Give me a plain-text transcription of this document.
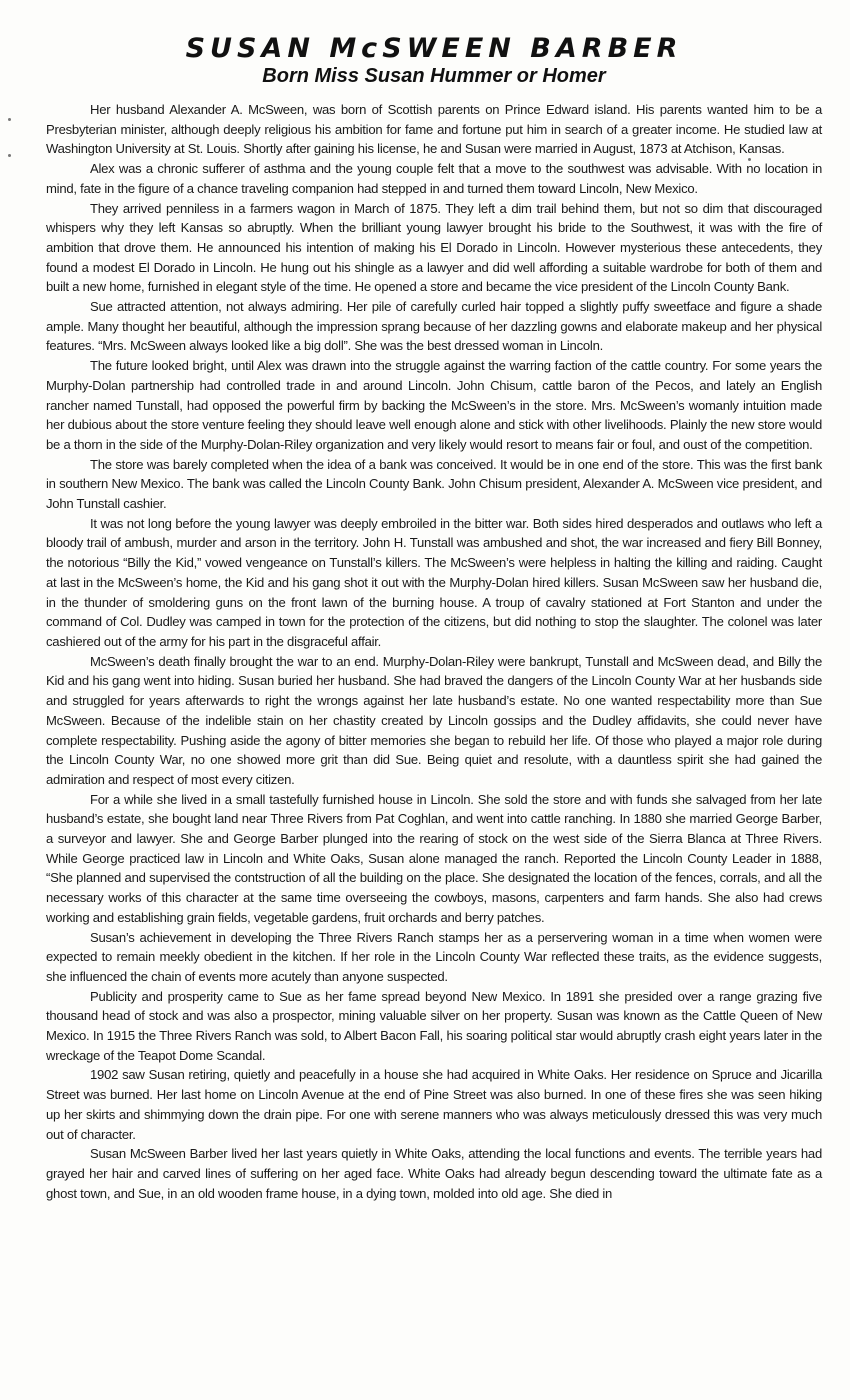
SUSAN McSWEEN BARBER
Born Miss Susan Hummer or Homer

Her husband Alexander A. McSween, was born of Scottish parents on Prince Edward island. His parents wanted him to be a Presbyterian minister, although deeply religious his ambition for fame and fortune put him in search of a greater income. He studied law at Washington University at St. Louis. Shortly after gaining his license, he and Susan were married in August, 1873 at Atchison, Kansas.

Alex was a chronic sufferer of asthma and the young couple felt that a move to the southwest was advisable. With no location in mind, fate in the figure of a chance traveling companion had stepped in and turned them toward Lincoln, New Mexico.

They arrived penniless in a farmers wagon in March of 1875. They left a dim trail behind them, but not so dim that discouraged whispers why they left Kansas so abruptly. When the brilliant young lawyer brought his bride to the Southwest, it was with the fire of ambition that drove them. He announced his intention of making his El Dorado in Lincoln. However mysterious these antecedents, they found a modest El Dorado in Lincoln. He hung out his shingle as a lawyer and did well affording a suitable wardrobe for both of them and built a new home, furnished in elegant style of the time. He opened a store and became the vice president of the Lincoln County Bank.

Sue attracted attention, not always admiring. Her pile of carefully curled hair topped a slightly puffy sweetface and figure a shade ample. Many thought her beautiful, although the impression sprang because of her dazzling gowns and elaborate makeup and her physical features. “Mrs. McSween always looked like a big doll”. She was the best dressed woman in Lincoln.

The future looked bright, until Alex was drawn into the struggle against the warring faction of the cattle country. For some years the Murphy-Dolan partnership had controlled trade in and around Lincoln. John Chisum, cattle baron of the Pecos, and lately an English rancher named Tunstall, had opposed the powerful firm by backing the McSween’s in the store. Mrs. McSween’s womanly intuition made her dubious about the store venture feeling they should leave well enough alone and stick with other livelihoods. Plainly the new store would be a thorn in the side of the Murphy-Dolan-Riley organization and very likely would resort to means fair or foul, and oust of the competition.

The store was barely completed when the idea of a bank was conceived. It would be in one end of the store. This was the first bank in southern New Mexico. The bank was called the Lincoln County Bank. John Chisum president, Alexander A. McSween vice president, and John Tunstall cashier.

It was not long before the young lawyer was deeply embroiled in the bitter war. Both sides hired desperados and outlaws who left a bloody trail of ambush, murder and arson in the territory. John H. Tunstall was ambushed and shot, the war increased and fiery Bill Bonney, the notorious “Billy the Kid,” vowed vengeance on Tunstall’s killers. The McSween’s were helpless in halting the killing and raiding. Caught at last in the McSween’s home, the Kid and his gang shot it out with the Murphy-Dolan hired killers. Susan McSween saw her husband die, in the thunder of smoldering guns on the front lawn of the burning house. A troup of cavalry stationed at Fort Stanton and under the command of Col. Dudley was camped in town for the protection of the citizens, but did nothing to stop the slaughter. The colonel was later cashiered out of the army for his part in the disgraceful affair.

McSween’s death finally brought the war to an end. Murphy-Dolan-Riley were bankrupt, Tunstall and McSween dead, and Billy the Kid and his gang went into hiding. Susan buried her husband. She had braved the dangers of the Lincoln County War at her husbands side and struggled for years afterwards to right the wrongs against her late husband’s estate. No one wanted respectability more than Sue McSween. Because of the indelible stain on her chastity created by Lincoln gossips and the Dudley affidavits, she could never have complete respectability. Pushing aside the agony of bitter memories she began to rebuild her life. Of those who played a major role during the Lincoln County War, no one showed more grit than did Sue. Being quiet and resolute, with a dauntless spirit she had gained the admiration and respect of most every citizen.

For a while she lived in a small tastefully furnished house in Lincoln. She sold the store and with funds she salvaged from her late husband’s estate, she bought land near Three Rivers from Pat Coghlan, and went into cattle ranching. In 1880 she married George Barber, a surveyor and lawyer. She and George Barber plunged into the rearing of stock on the west side of the Sierra Blanca at Three Rivers. While George practiced law in Lincoln and White Oaks, Susan alone managed the ranch. Reported the Lincoln County Leader in 1888, “She planned and supervised the contstruction of all the building on the place. She designated the location of the fences, corrals, and all the necessary works of this character at the same time overseeing the cowboys, masons, carpenters and farm hands. She also had crews working and establishing grain fields, vegetable gardens, fruit orchards and berry patches.

Susan’s achievement in developing the Three Rivers Ranch stamps her as a perservering woman in a time when women were expected to remain meekly obedient in the kitchen. If her role in the Lincoln County War reflected these traits, as the evidence suggests, she influenced the chain of events more acutely than anyone suspected.

Publicity and prosperity came to Sue as her fame spread beyond New Mexico. In 1891 she presided over a range grazing five thousand head of stock and was also a prospector, mining valuable silver on her property. Susan was known as the Cattle Queen of New Mexico. In 1915 the Three Rivers Ranch was sold, to Albert Bacon Fall, his soaring political star would abruptly crash eight years later in the wreckage of the Teapot Dome Scandal.

1902 saw Susan retiring, quietly and peacefully in a house she had acquired in White Oaks. Her residence on Spruce and Jicarilla Street was burned. Her last home on Lincoln Avenue at the end of Pine Street was also burned. In one of these fires she was seen hiking up her skirts and shimmying down the drain pipe. For one with serene manners who was always meticulously dressed this was very much out of character.

Susan McSween Barber lived her last years quietly in White Oaks, attending the local functions and events. The terrible years had grayed her hair and carved lines of suffering on her aged face. White Oaks had already begun descending toward the ultimate fate as a ghost town, and Sue, in an old wooden frame house, in a dying town, molded into old age. She died in
